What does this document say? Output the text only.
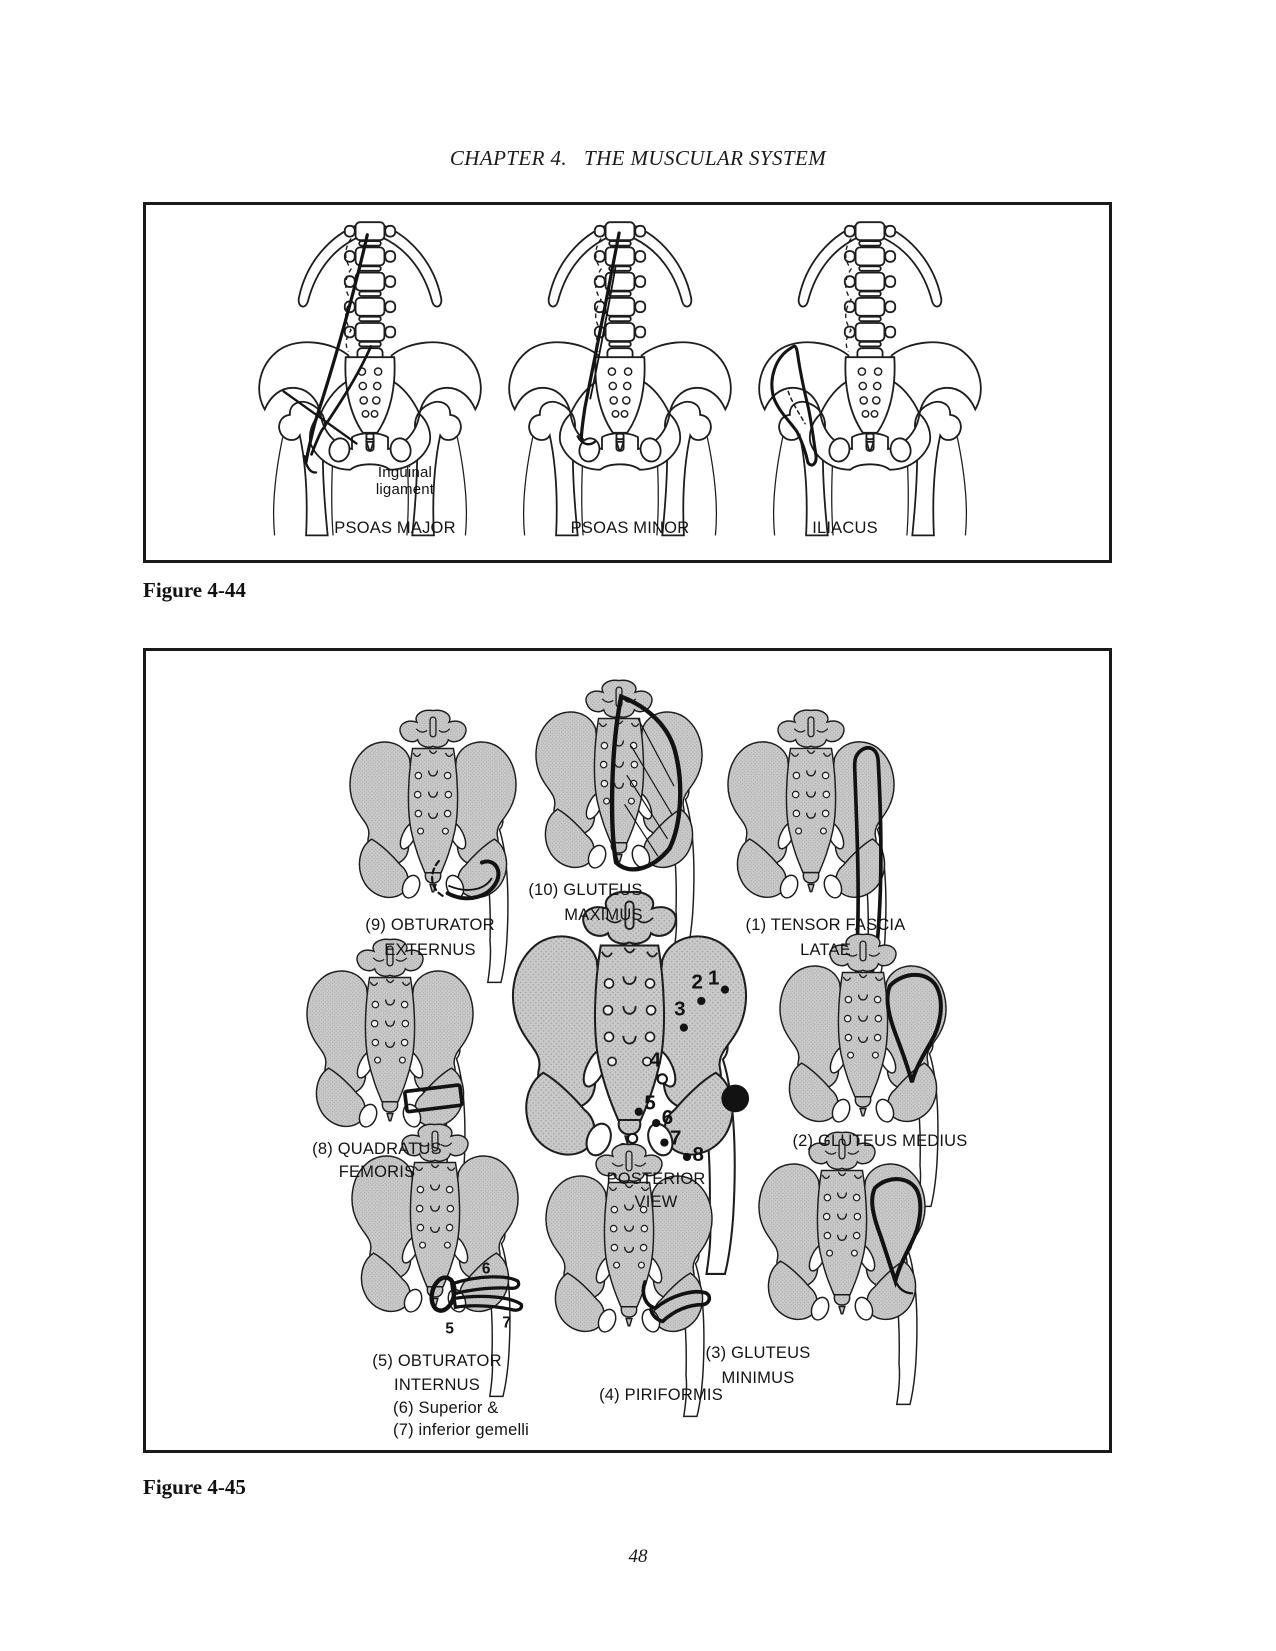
CHAPTER 4.   THE MUSCULAR SYSTEM
Inguinal ligament
PSOAS MAJOR	PSOAS MINOR	ILIACUS
Figure 4-44
(9) OBTURATOR
EXTERNUS
(10) GLUTEUS
MAXIMUS
(1) TENSOR FASCIA
LATAE
1
2
3
4
5
6
7
8
(8) QUADRATUS
FEMORIS	POSTERIOR
VIEW
(2) GLUTEUS MEDIUS
6
7
5
(5) OBTURATOR
INTERNUS
(6) Superior &
(7) inferior gemelli
(4) PIRIFORMIS
(3) GLUTEUS
MINIMUS
Figure 4-45
48
